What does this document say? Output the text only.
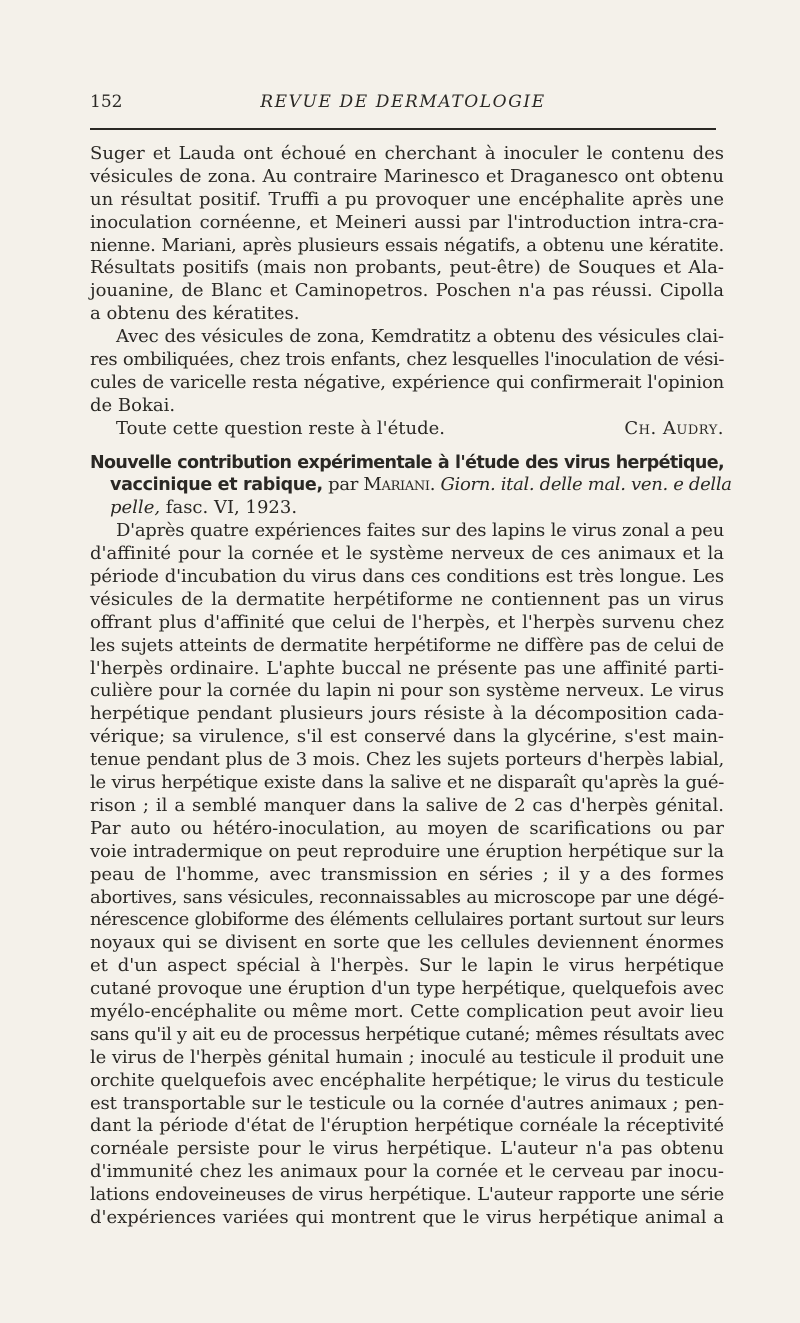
152	REVUE DE DERMATOLOGIE
Suger et Lauda ont échoué en cherchant à inoculer le contenu des
vésicules de zona. Au contraire Marinesco et Draganesco ont obtenu
un résultat positif. Truffi a pu provoquer une encéphalite après une
inoculation cornéenne, et Meineri aussi par l'introduction intra-cra-
nienne. Mariani, après plusieurs essais négatifs, a obtenu une kératite.
Résultats positifs (mais non probants, peut-être) de Souques et Ala-
jouanine, de Blanc et Caminopetros. Poschen n'a pas réussi. Cipolla
a obtenu des kératites.
Avec des vésicules de zona, Kemdratitz a obtenu des vésicules clai-
res ombiliquées, chez trois enfants, chez lesquelles l'inoculation de vési-
cules de varicelle resta négative, expérience qui confirmerait l'opinion
de Bokai.
Toute cette question reste à l'étude.	Ch. Audry.
Nouvelle contribution expérimentale à l'étude des virus herpétique,
vaccinique et rabique, par Mariani. Giorn. ital. delle mal. ven. e della
pelle, fasc. VI, 1923.
D'après quatre expériences faites sur des lapins le virus zonal a peu
d'affinité pour la cornée et le système nerveux de ces animaux et la
période d'incubation du virus dans ces conditions est très longue. Les
vésicules de la dermatite herpétiforme ne contiennent pas un virus
offrant plus d'affinité que celui de l'herpès, et l'herpès survenu chez
les sujets atteints de dermatite herpétiforme ne diffère pas de celui de
l'herpès ordinaire. L'aphte buccal ne présente pas une affinité parti-
culière pour la cornée du lapin ni pour son système nerveux. Le virus
herpétique pendant plusieurs jours résiste à la décomposition cada-
vérique; sa virulence, s'il est conservé dans la glycérine, s'est main-
tenue pendant plus de 3 mois. Chez les sujets porteurs d'herpès labial,
le virus herpétique existe dans la salive et ne disparaît qu'après la gué-
rison ; il a semblé manquer dans la salive de 2 cas d'herpès génital.
Par auto ou hétéro-inoculation, au moyen de scarifications ou par
voie intradermique on peut reproduire une éruption herpétique sur la
peau de l'homme, avec transmission en séries ; il y a des formes
abortives, sans vésicules, reconnaissables au microscope par une dégé-
nérescence globiforme des éléments cellulaires portant surtout sur leurs
noyaux qui se divisent en sorte que les cellules deviennent énormes
et d'un aspect spécial à l'herpès. Sur le lapin le virus herpétique
cutané provoque une éruption d'un type herpétique, quelquefois avec
myélo-encéphalite ou même mort. Cette complication peut avoir lieu
sans qu'il y ait eu de processus herpétique cutané; mêmes résultats avec
le virus de l'herpès génital humain ; inoculé au testicule il produit une
orchite quelquefois avec encéphalite herpétique; le virus du testicule
est transportable sur le testicule ou la cornée d'autres animaux ; pen-
dant la période d'état de l'éruption herpétique cornéale la réceptivité
cornéale persiste pour le virus herpétique. L'auteur n'a pas obtenu
d'immunité chez les animaux pour la cornée et le cerveau par inocu-
lations endoveineuses de virus herpétique. L'auteur rapporte une série
d'expériences variées qui montrent que le virus herpétique animal a
